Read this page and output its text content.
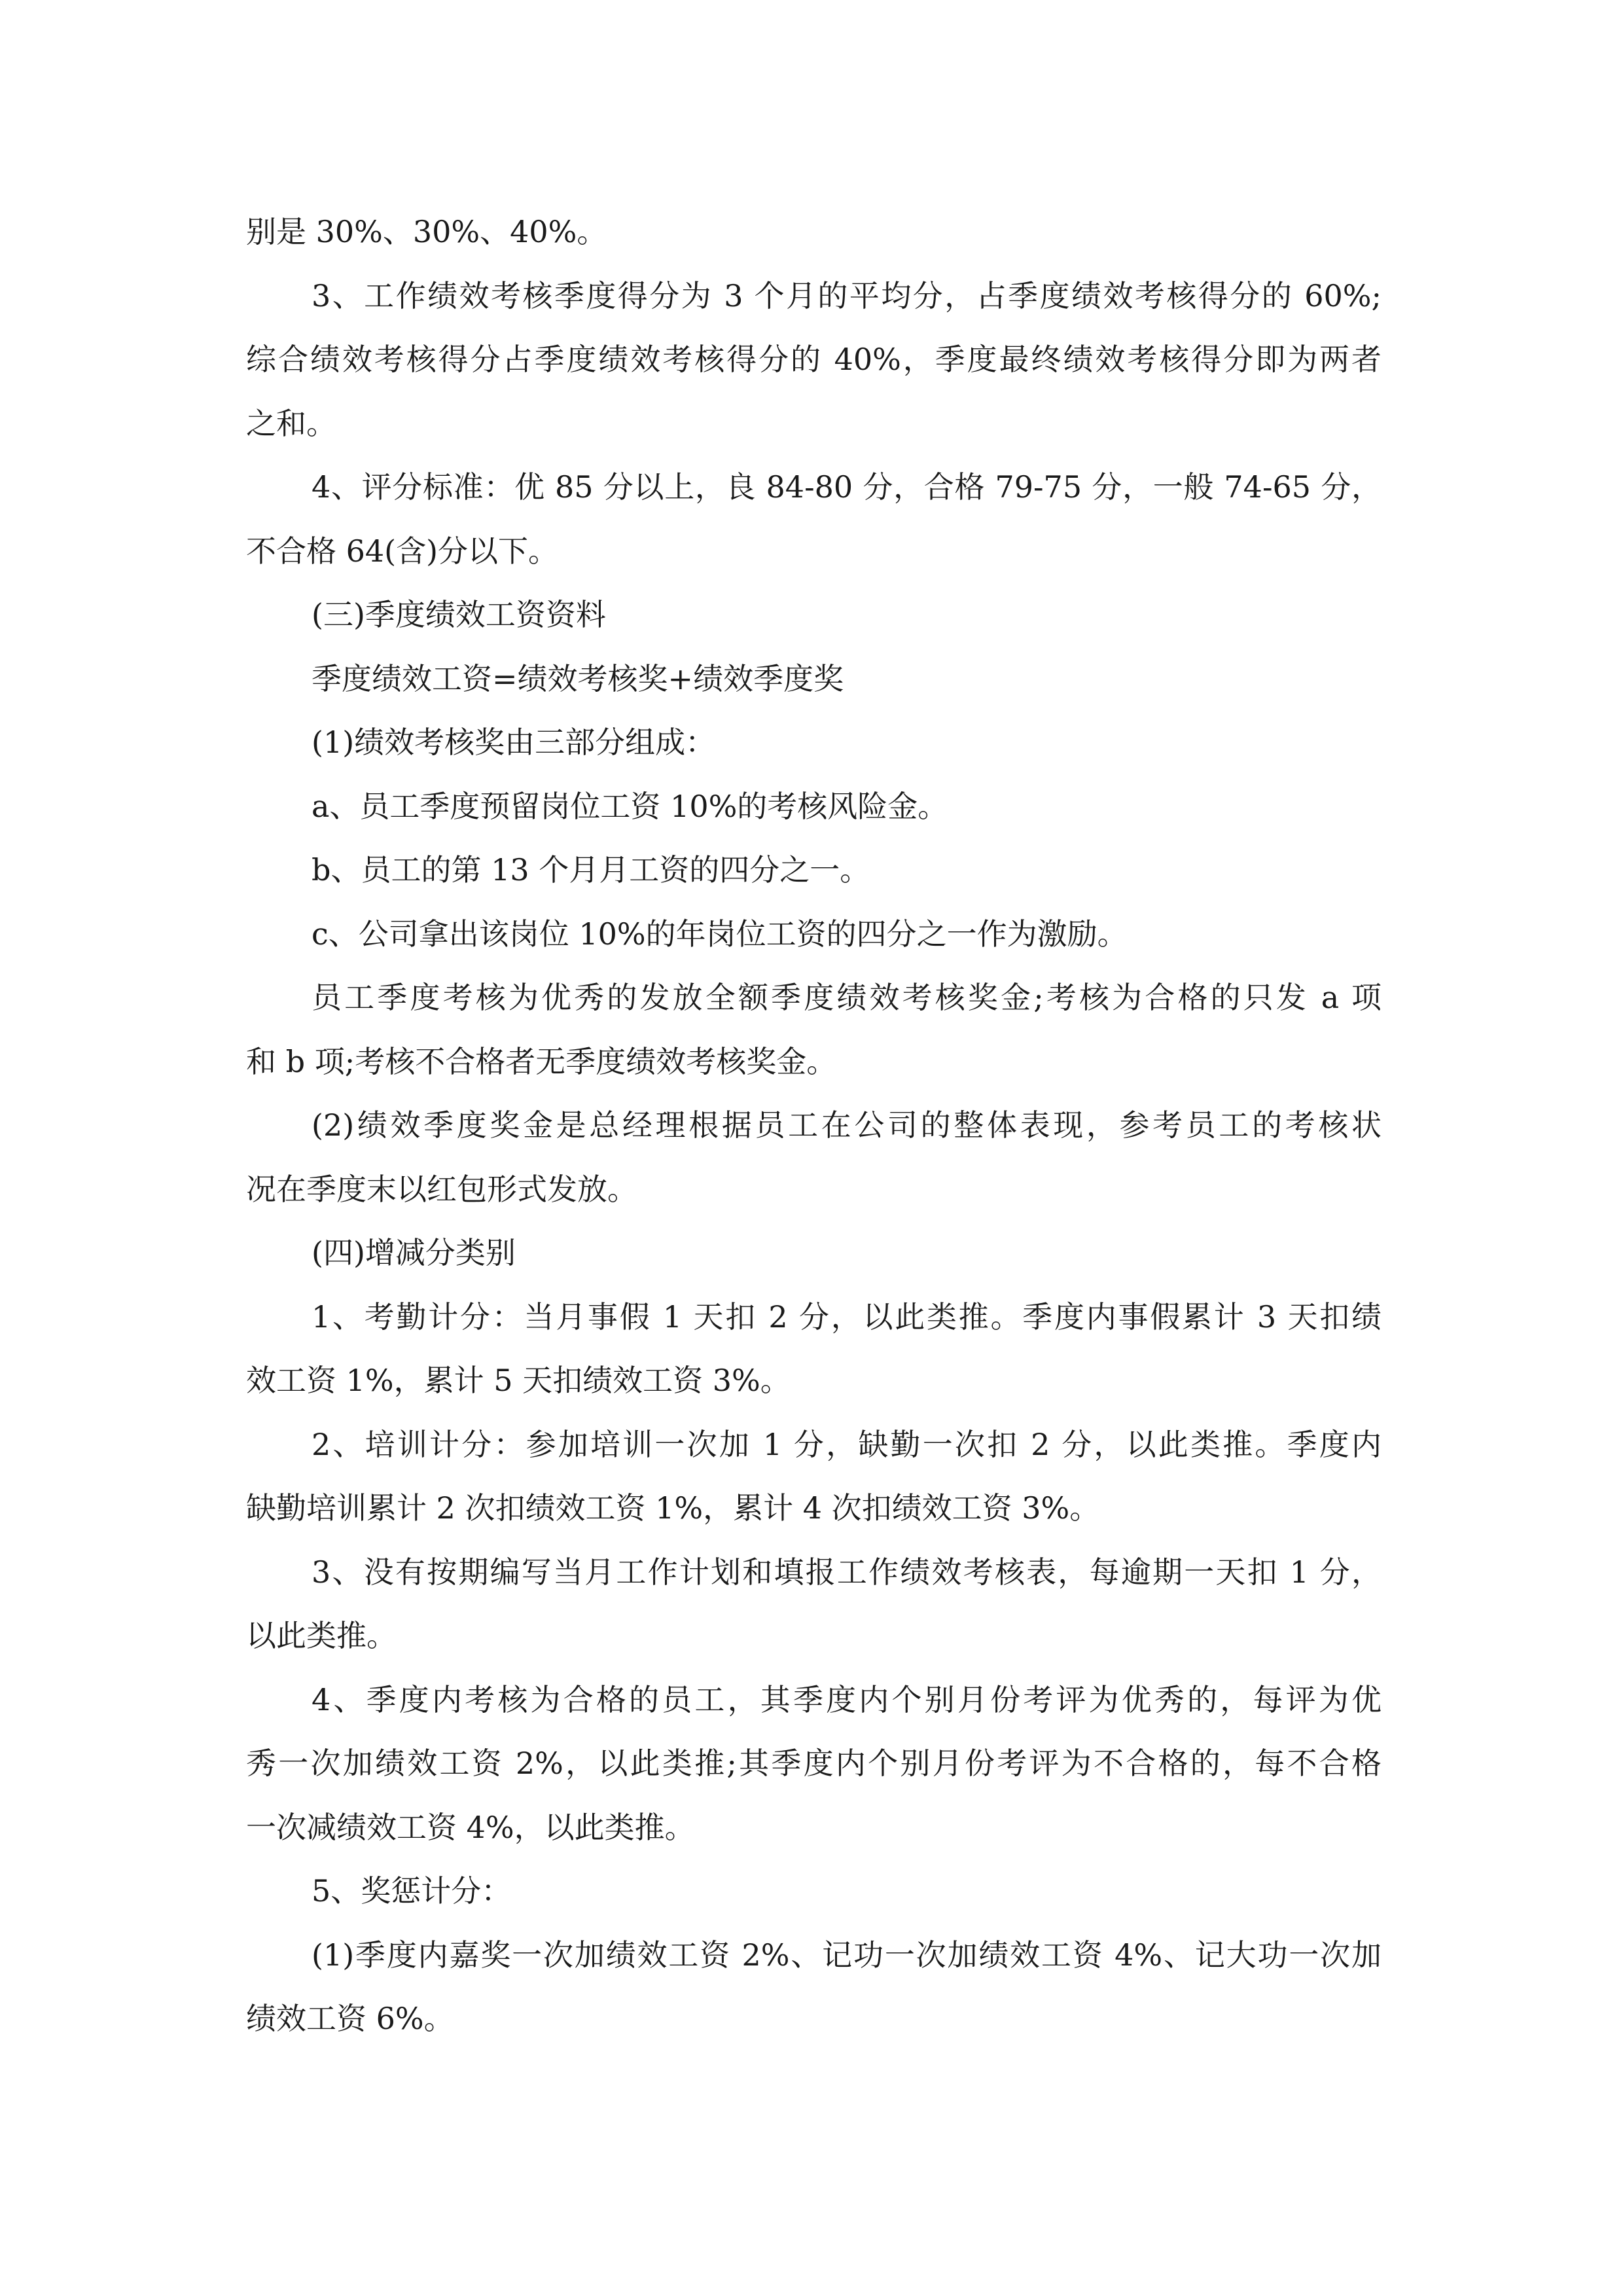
别是 30%、30%、40%。

3、工作绩效考核季度得分为 3 个月的平均分，占季度绩效考核得分的 60%;

综合绩效考核得分占季度绩效考核得分的 40%，季度最终绩效考核得分即为两者

之和。

4、评分标准：优 85 分以上，良 84-80 分，合格 79-75 分，一般 74-65 分，

不合格 64(含)分以下。

(三)季度绩效工资资料

季度绩效工资=绩效考核奖+绩效季度奖

(1)绩效考核奖由三部分组成：

a、员工季度预留岗位工资 10%的考核风险金。

b、员工的第 13 个月月工资的四分之一。

c、公司拿出该岗位 10%的年岗位工资的四分之一作为激励。

员工季度考核为优秀的发放全额季度绩效考核奖金;考核为合格的只发 a 项

和 b 项;考核不合格者无季度绩效考核奖金。

(2)绩效季度奖金是总经理根据员工在公司的整体表现，参考员工的考核状

况在季度末以红包形式发放。

(四)增减分类别

1、考勤计分：当月事假 1 天扣 2 分，以此类推。季度内事假累计 3 天扣绩

效工资 1%，累计 5 天扣绩效工资 3%。

2、培训计分：参加培训一次加 1 分，缺勤一次扣 2 分，以此类推。季度内

缺勤培训累计 2 次扣绩效工资 1%，累计 4 次扣绩效工资 3%。

3、没有按期编写当月工作计划和填报工作绩效考核表，每逾期一天扣 1 分，

以此类推。

4、季度内考核为合格的员工，其季度内个别月份考评为优秀的，每评为优

秀一次加绩效工资 2%，以此类推;其季度内个别月份考评为不合格的，每不合格

一次减绩效工资 4%，以此类推。

5、奖惩计分：

(1)季度内嘉奖一次加绩效工资 2%、记功一次加绩效工资 4%、记大功一次加

绩效工资 6%。
